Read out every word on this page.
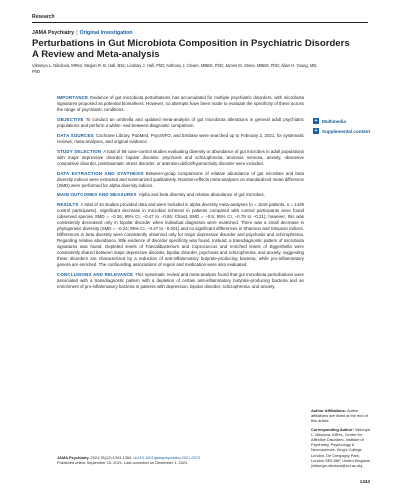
Research
JAMA Psychiatry | Original Investigation
Perturbations in Gut Microbiota Composition in Psychiatric Disorders
A Review and Meta-analysis
Viktoriya L. Nikolova, MRes; Megan R. B. Hall, BSc; Lindsay J. Hall, PhD; Anthony J. Cleare, MBBS, PhD; James M. Stone, MBBS, PhD; Allan H. Young, MD, PhD

IMPORTANCE Evidence of gut microbiota perturbations has accumulated for multiple psychiatric disorders, with microbiota signatures proposed as potential biomarkers. However, no attempts have been made to evaluate the specificity of these across the range of psychiatric conditions.

OBJECTIVE To conduct an umbrella and updated meta-analysis of gut microbiota alterations in general adult psychiatric populations and perform a within- and between-diagnostic comparison.

DATA SOURCES Cochrane Library, PubMed, PsycINFO, and Embase were searched up to February 2, 2021, for systematic reviews, meta-analyses, and original evidence.

STUDY SELECTION A total of 59 case-control studies evaluating diversity or abundance of gut microbes in adult populations with major depressive disorder, bipolar disorder, psychosis and schizophrenia, anorexia nervosa, anxiety, obsessive compulsive disorder, posttraumatic stress disorder, or attention-deficit/hyperactivity disorder were included.

DATA EXTRACTION AND SYNTHESIS Between-group comparisons of relative abundance of gut microbes and beta diversity indices were extracted and summarized qualitatively. Random-effects meta-analyses on standardized mean difference (SMD) were performed for alpha diversity indices.

MAIN OUTCOMES AND MEASURES Alpha and beta diversity and relative abundance of gut microbes.

RESULTS A total of 34 studies provided data and were included in alpha diversity meta-analyses (n = 1519 patients, n = 1429 control participants). Significant decrease in microbial richness in patients compared with control participants were found (observed species SMD = −0.26; 95% CI, −0.47 to −0.06; Chao1 SMD = −0.5; 95% CI, −0.79 to −0.21); however, this was consistently decreased only in bipolar disorder when individual diagnoses were examined. There was a small decrease in phylogenetic diversity (SMD = −0.24; 95% CI, −0.47 to −0.001) and no significant differences in Shannon and Simpson indices. Differences in beta diversity were consistently observed only for major depressive disorder and psychosis and schizophrenia. Regarding relative abundance, little evidence of disorder specificity was found. Instead, a transdiagnostic pattern of microbiota signatures was found. Depleted levels of Faecalibacterium and Coprococcus and enriched levels of Eggerthella were consistently shared between major depressive disorder, bipolar disorder, psychosis and schizophrenia, and anxiety, suggesting these disorders are characterized by a reduction of anti-inflammatory butyrate-producing bacteria, while pro-inflammatory genera are enriched. The confounding associations of region and medication were also evaluated.

CONCLUSIONS AND RELEVANCE This systematic review and meta-analysis found that gut microbiota perturbations were associated with a transdiagnostic pattern with a depletion of certain anti-inflammatory butyrate-producing bacteria and an enrichment of pro-inflammatory bacteria in patients with depression, bipolar disorder, schizophrenia, and anxiety.

+ Multimedia
+ Supplemental content

Author Affiliations: Author affiliations are listed at the end of this article.

Corresponding Author: Viktoriya L. Nikolova, MRes, Centre for Affective Disorders, Institute of Psychiatry, Psychology & Neuroscience, King's College London, De Crespigny Park, London SE5 8AF, United Kingdom (viktoriya.nikolova@kcl.ac.uk).

JAMA Psychiatry. 2021;78(12):1343-1354. doi:10.1001/jamapsychiatry.2021.2573
Published online September 15, 2021. Last corrected on December 1, 2021.
1343
